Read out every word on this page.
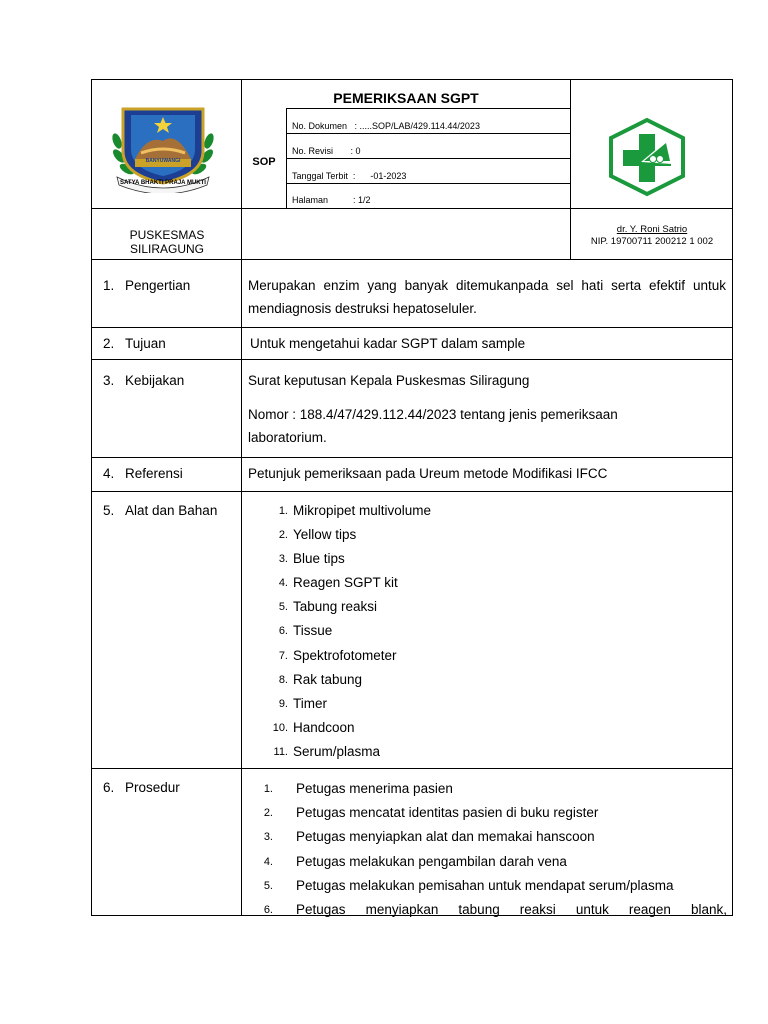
BANYUWANGI
SATYA BHAKTI PRAJA MUKTI
PEMERIKSAAN SGPT
SOP
No. Dokumen   : .....SOP/LAB/429.114.44/2023
No. Revisi       : 0
Tanggal Terbit  :      -01-2023
Halaman          : 1/2
PUSKESMAS
SILIRAGUNG
dr. Y. Roni Satrio
NIP. 19700711 200212 1 002
1. Pengertian	Merupakan enzim yang banyak ditemukanpada sel hati serta efektif untuk mendiagnosis destruksi hepatoseluler.
2. Tujuan	Untuk mengetahui kadar SGPT dalam sample
3. Kebijakan	Surat keputusan Kepala Puskesmas Siliragung
Nomor : 188.4/47/429.112.44/2023 tentang jenis pemeriksaan laboratorium.
4. Referensi	Petunjuk pemeriksaan pada Ureum metode Modifikasi IFCC
5. Alat dan Bahan	1. Mikropipet multivolume
2. Yellow tips
3. Blue tips
4. Reagen SGPT kit
5. Tabung reaksi
6. Tissue
7. Spektrofotometer
8. Rak tabung
9. Timer
10. Handcoon
11. Serum/plasma
6. Prosedur	1. Petugas menerima pasien
2. Petugas mencatat identitas pasien di buku register
3. Petugas menyiapkan alat dan memakai hanscoon
4. Petugas melakukan pengambilan darah vena
5. Petugas melakukan pemisahan untuk mendapat serum/plasma
6. Petugas menyiapkan tabung reaksi untuk reagen blank,
